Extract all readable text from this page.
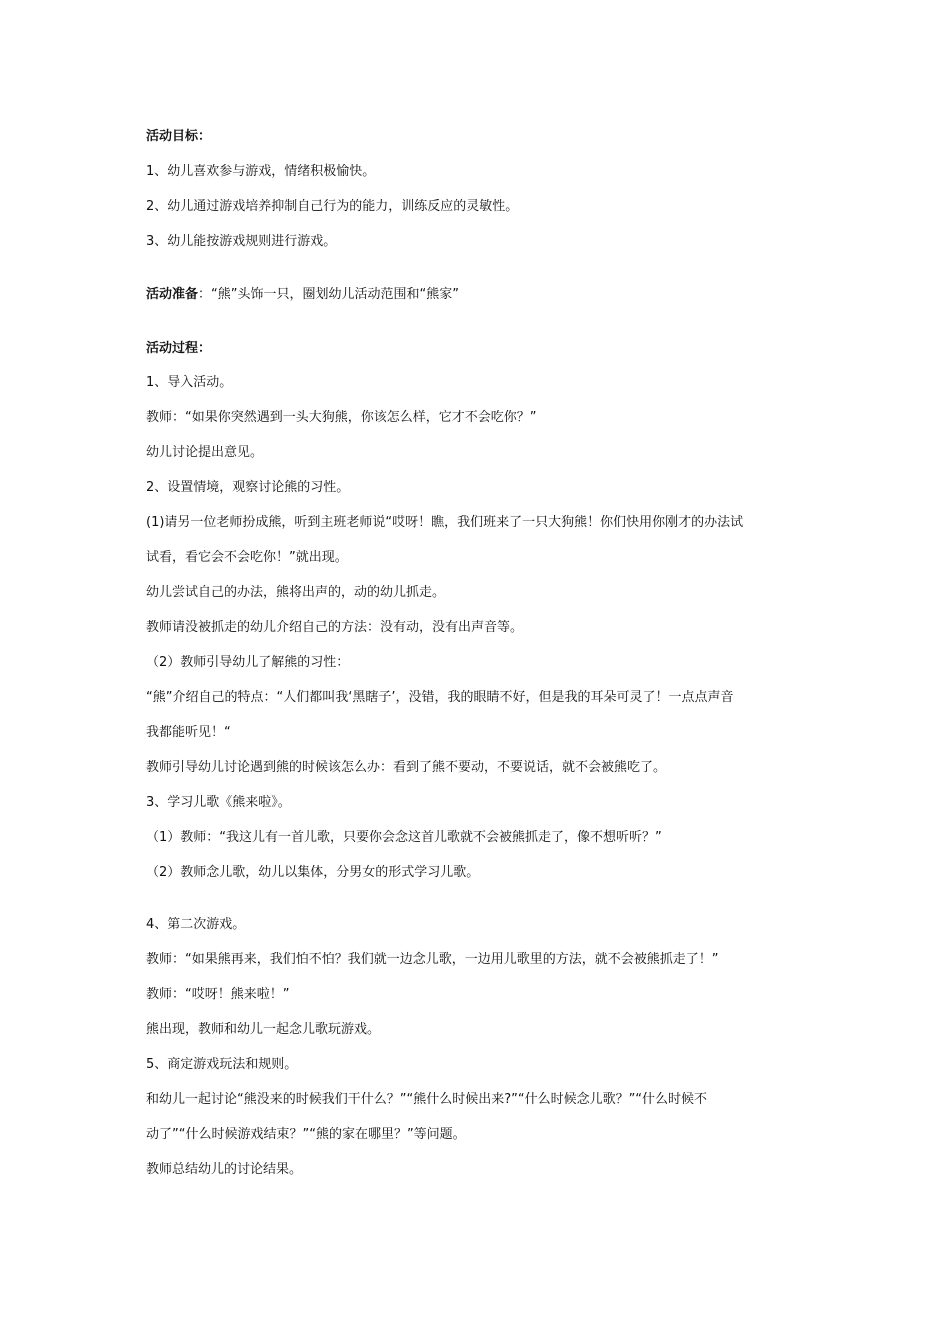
活动目标：
1、幼儿喜欢参与游戏，情绪积极愉快。
2、幼儿通过游戏培养抑制自己行为的能力，训练反应的灵敏性。
3、幼儿能按游戏规则进行游戏。
活动准备：“熊”头饰一只，圈划幼儿活动范围和“熊家”
活动过程：
1、导入活动。
教师：“如果你突然遇到一头大狗熊，你该怎么样，它才不会吃你？”
幼儿讨论提出意见。
2、设置情境，观察讨论熊的习性。
(1)请另一位老师扮成熊，听到主班老师说“哎呀！瞧，我们班来了一只大狗熊！你们快用你刚才的办法试
试看，看它会不会吃你！”就出现。
幼儿尝试自己的办法，熊将出声的，动的幼儿抓走。
教师请没被抓走的幼儿介绍自己的方法：没有动，没有出声音等。
（2）教师引导幼儿了解熊的习性：
“熊”介绍自己的特点：“人们都叫我‘黑瞎子’，没错，我的眼睛不好，但是我的耳朵可灵了！一点点声音
我都能听见！“
教师引导幼儿讨论遇到熊的时候该怎么办：看到了熊不要动，不要说话，就不会被熊吃了。
3、学习儿歌《熊来啦》。
（1）教师：“我这儿有一首儿歌，只要你会念这首儿歌就不会被熊抓走了，像不想听听？”
（2）教师念儿歌，幼儿以集体，分男女的形式学习儿歌。
4、第二次游戏。
教师：“如果熊再来，我们怕不怕？我们就一边念儿歌，一边用儿歌里的方法，就不会被熊抓走了！”
教师：“哎呀！熊来啦！”
熊出现，教师和幼儿一起念儿歌玩游戏。
5、商定游戏玩法和规则。
和幼儿一起讨论“熊没来的时候我们干什么？”“熊什么时候出来?”“什么时候念儿歌？”“什么时候不
动了”“什么时候游戏结束？”“熊的家在哪里？”等问题。
教师总结幼儿的讨论结果。
